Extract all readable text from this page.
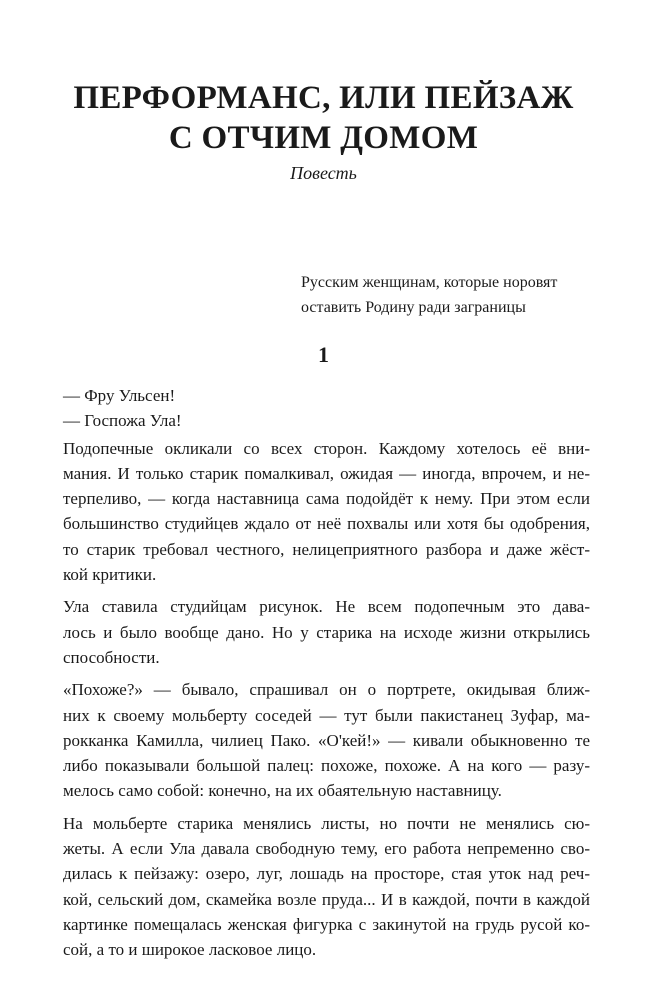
ПЕРФОРМАНС, ИЛИ ПЕЙЗАЖ
С ОТЧИМ ДОМОМ
Повесть
Русским женщинам, которые норовят
оставить Родину ради заграницы
1
— Фру Ульсен!
— Госпожа Ула!
Подопечные окликали со всех сторон. Каждому хотелось её вни-
мания. И только старик помалкивал, ожидая — иногда, впрочем, и не-
терпеливо, — когда наставница сама подойдёт к нему. При этом если
большинство студийцев ждало от неё похвалы или хотя бы одобрения,
то старик требовал честного, нелицеприятного разбора и даже жёст-
кой критики.
Ула ставила студийцам рисунок. Не всем подопечным это дава-
лось и было вообще дано. Но у старика на исходе жизни открылись
способности.
«Похоже?» — бывало, спрашивал он о портрете, окидывая ближ-
них к своему мольберту соседей — тут были пакистанец Зуфар, ма-
рокканка Камилла, чилиец Пако. «О'кей!» — кивали обыкновенно те
либо показывали большой палец: похоже, похоже. А на кого — разу-
мелось само собой: конечно, на их обаятельную наставницу.
На мольберте старика менялись листы, но почти не менялись сю-
жеты. А если Ула давала свободную тему, его работа непременно сво-
дилась к пейзажу: озеро, луг, лошадь на просторе, стая уток над реч-
кой, сельский дом, скамейка возле пруда... И в каждой, почти в каждой
картинке помещалась женская фигурка с закинутой на грудь русой ко-
сой, а то и широкое ласковое лицо.
